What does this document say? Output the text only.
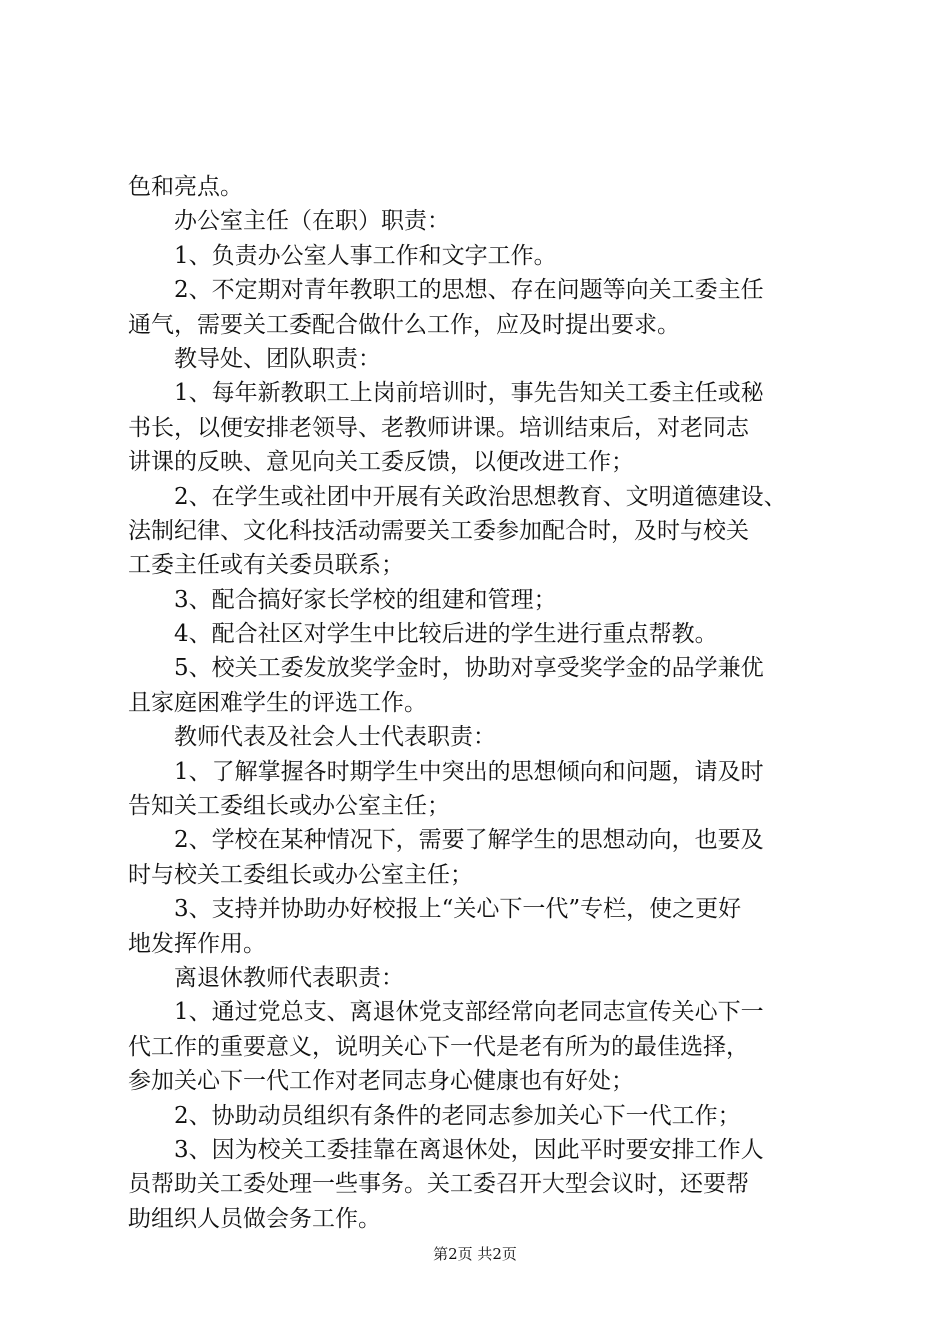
色和亮点。
办公室主任（在职）职责：
1、负责办公室人事工作和文字工作。
2、不定期对青年教职工的思想、存在问题等向关工委主任
通气，需要关工委配合做什么工作，应及时提出要求。
教导处、团队职责：
1、每年新教职工上岗前培训时，事先告知关工委主任或秘
书长，以便安排老领导、老教师讲课。培训结束后，对老同志
讲课的反映、意见向关工委反馈，以便改进工作；
2、在学生或社团中开展有关政治思想教育、文明道德建设、
法制纪律、文化科技活动需要关工委参加配合时，及时与校关
工委主任或有关委员联系；
3、配合搞好家长学校的组建和管理；
4、配合社区对学生中比较后进的学生进行重点帮教。
5、校关工委发放奖学金时，协助对享受奖学金的品学兼优
且家庭困难学生的评选工作。
教师代表及社会人士代表职责：
1、了解掌握各时期学生中突出的思想倾向和问题，请及时
告知关工委组长或办公室主任；
2、学校在某种情况下，需要了解学生的思想动向，也要及
时与校关工委组长或办公室主任；
3、支持并协助办好校报上“关心下一代”专栏，使之更好
地发挥作用。
离退休教师代表职责：
1、通过党总支、离退休党支部经常向老同志宣传关心下一
代工作的重要意义，说明关心下一代是老有所为的最佳选择，
参加关心下一代工作对老同志身心健康也有好处；
2、协助动员组织有条件的老同志参加关心下一代工作；
3、因为校关工委挂靠在离退休处，因此平时要安排工作人
员帮助关工委处理一些事务。关工委召开大型会议时，还要帮
助组织人员做会务工作。
第2页 共2页
